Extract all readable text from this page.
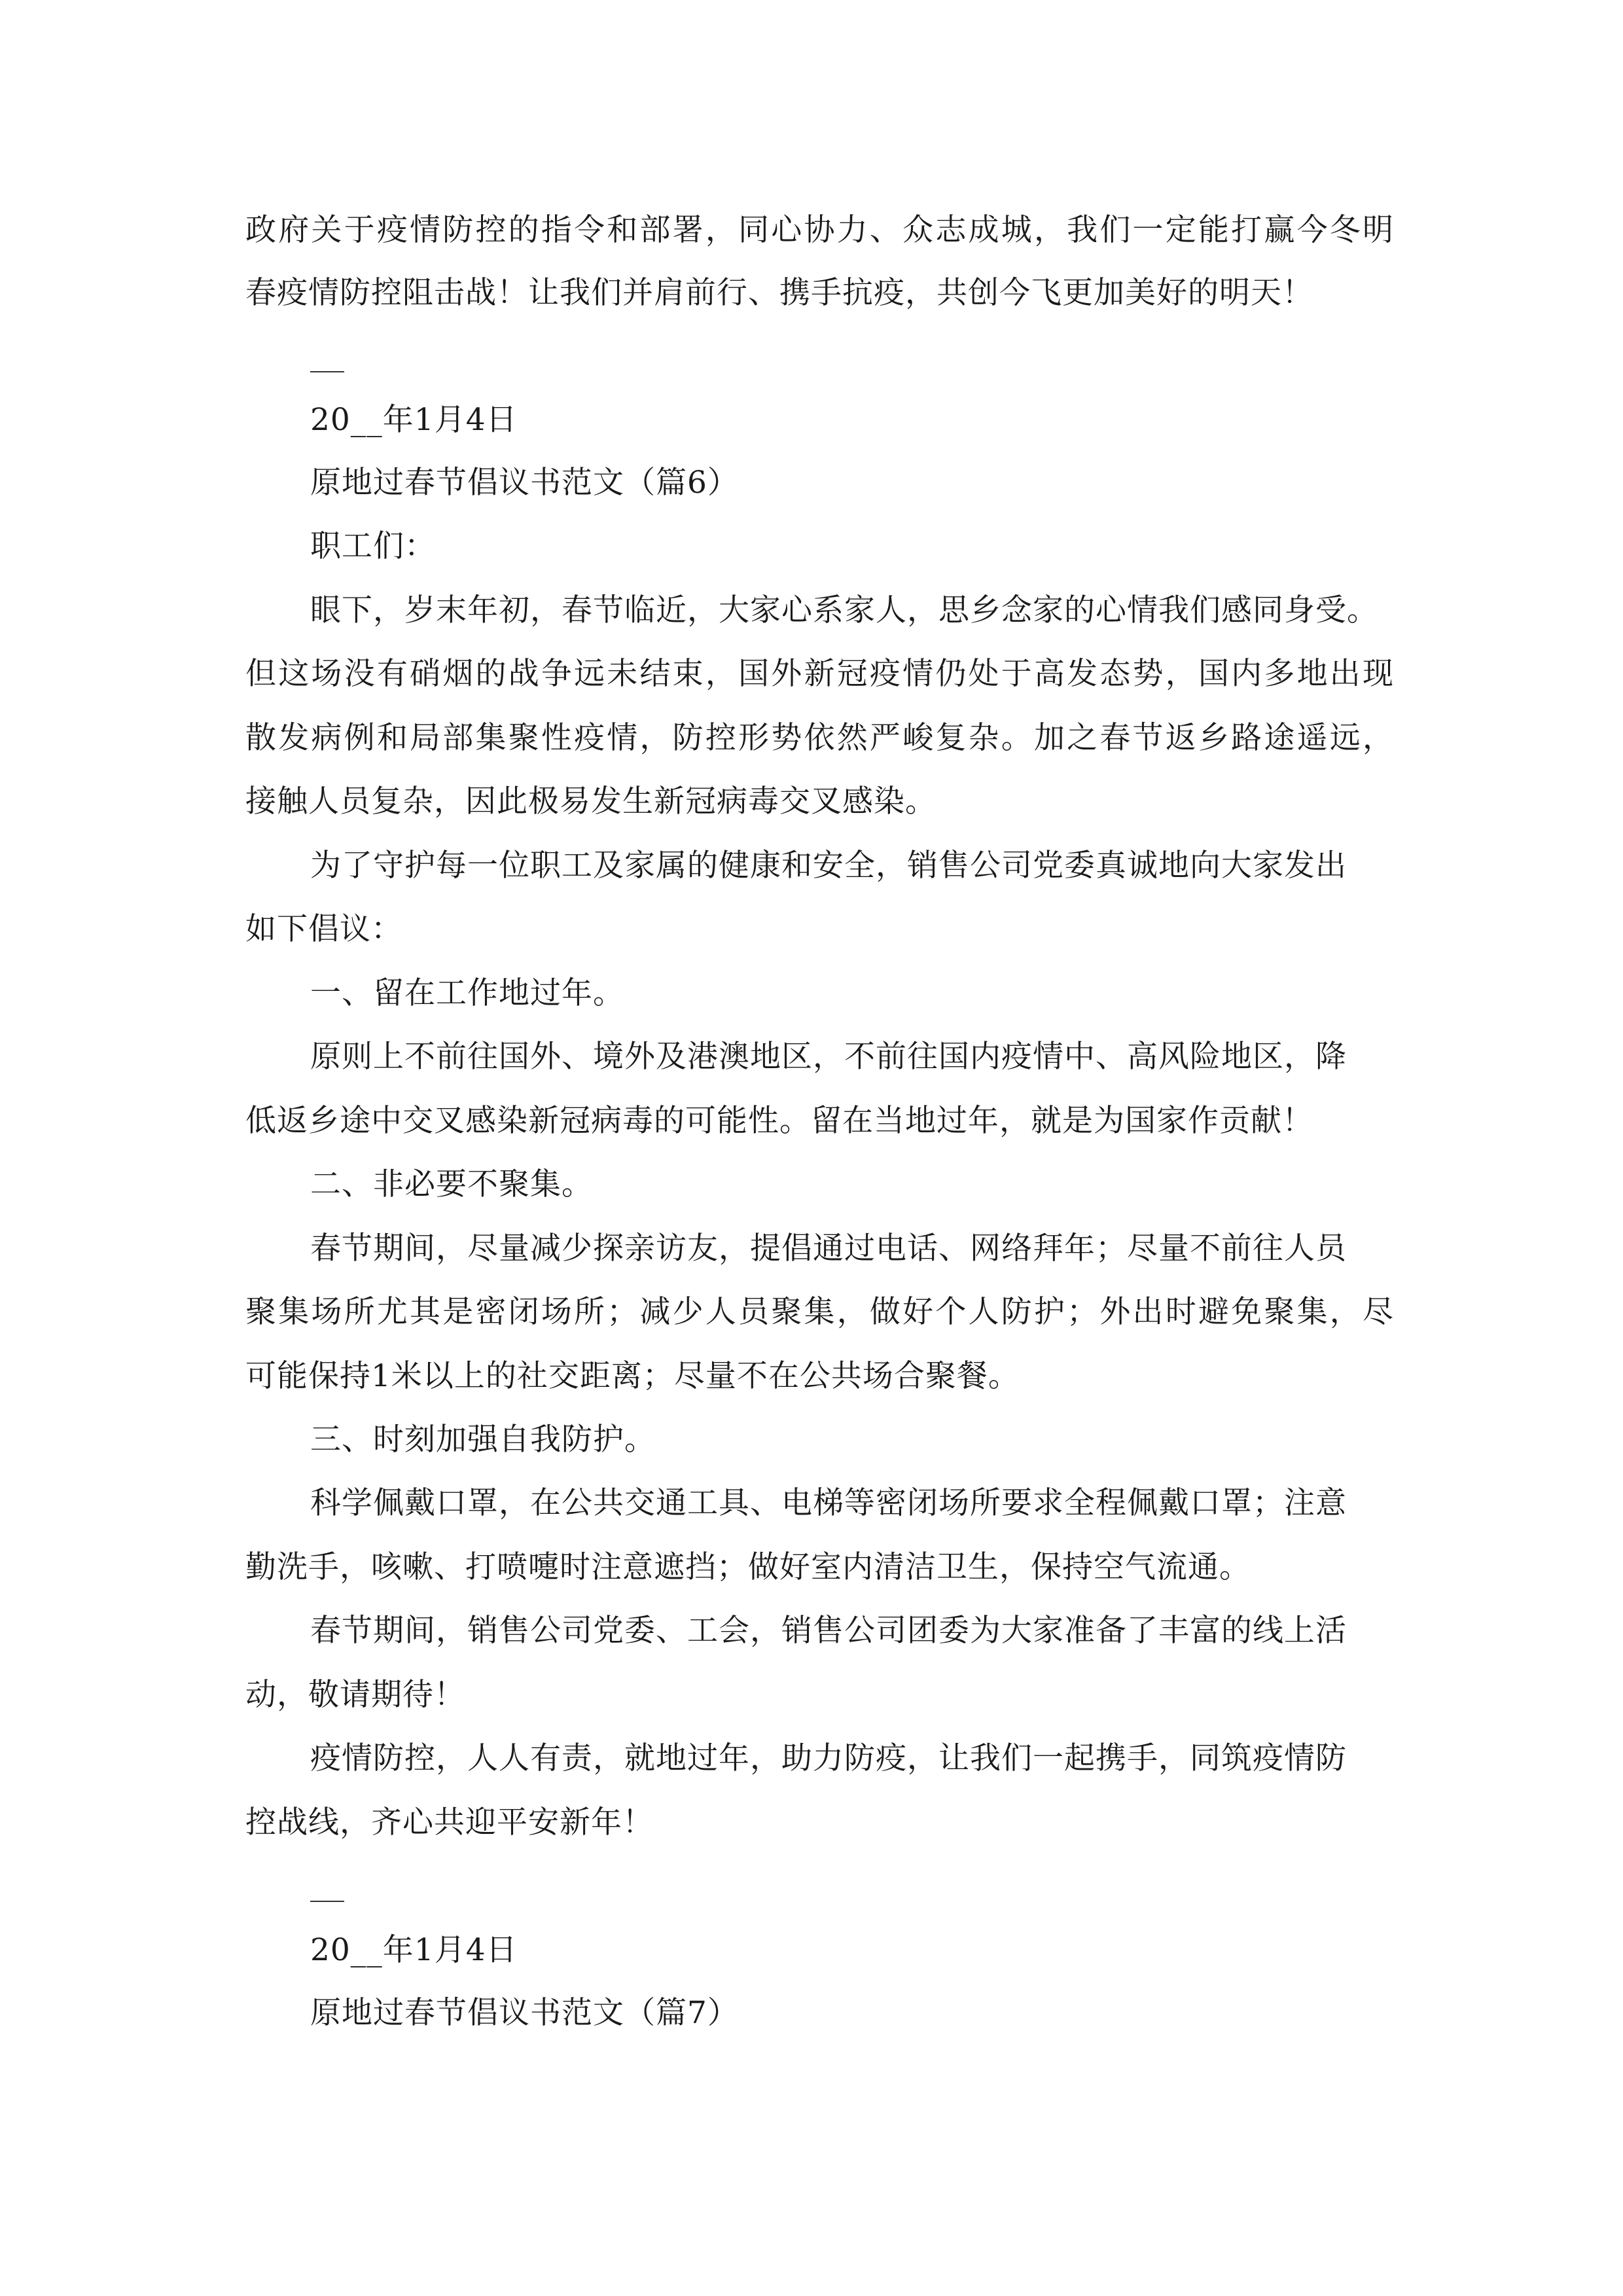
政府关于疫情防控的指令和部署，同心协力、众志成城，我们一定能打赢今冬明
春疫情防控阻击战！让我们并肩前行、携手抗疫，共创今飞更加美好的明天！
20__年1月4日
原地过春节倡议书范文（篇6）
职工们：
眼下，岁末年初，春节临近，大家心系家人，思乡念家的心情我们感同身受。
但这场没有硝烟的战争远未结束，国外新冠疫情仍处于高发态势，国内多地出现
散发病例和局部集聚性疫情，防控形势依然严峻复杂。加之春节返乡路途遥远，
接触人员复杂，因此极易发生新冠病毒交叉感染。
为了守护每一位职工及家属的健康和安全，销售公司党委真诚地向大家发出
如下倡议：
一、留在工作地过年。
原则上不前往国外、境外及港澳地区，不前往国内疫情中、高风险地区，降
低返乡途中交叉感染新冠病毒的可能性。留在当地过年，就是为国家作贡献！
二、非必要不聚集。
春节期间，尽量减少探亲访友，提倡通过电话、网络拜年；尽量不前往人员
聚集场所尤其是密闭场所；减少人员聚集，做好个人防护；外出时避免聚集，尽
可能保持1米以上的社交距离；尽量不在公共场合聚餐。
三、时刻加强自我防护。
科学佩戴口罩，在公共交通工具、电梯等密闭场所要求全程佩戴口罩；注意
勤洗手，咳嗽、打喷嚏时注意遮挡；做好室内清洁卫生，保持空气流通。
春节期间，销售公司党委、工会，销售公司团委为大家准备了丰富的线上活
动，敬请期待！
疫情防控，人人有责，就地过年，助力防疫，让我们一起携手，同筑疫情防
控战线，齐心共迎平安新年！
20__年1月4日
原地过春节倡议书范文（篇7）
